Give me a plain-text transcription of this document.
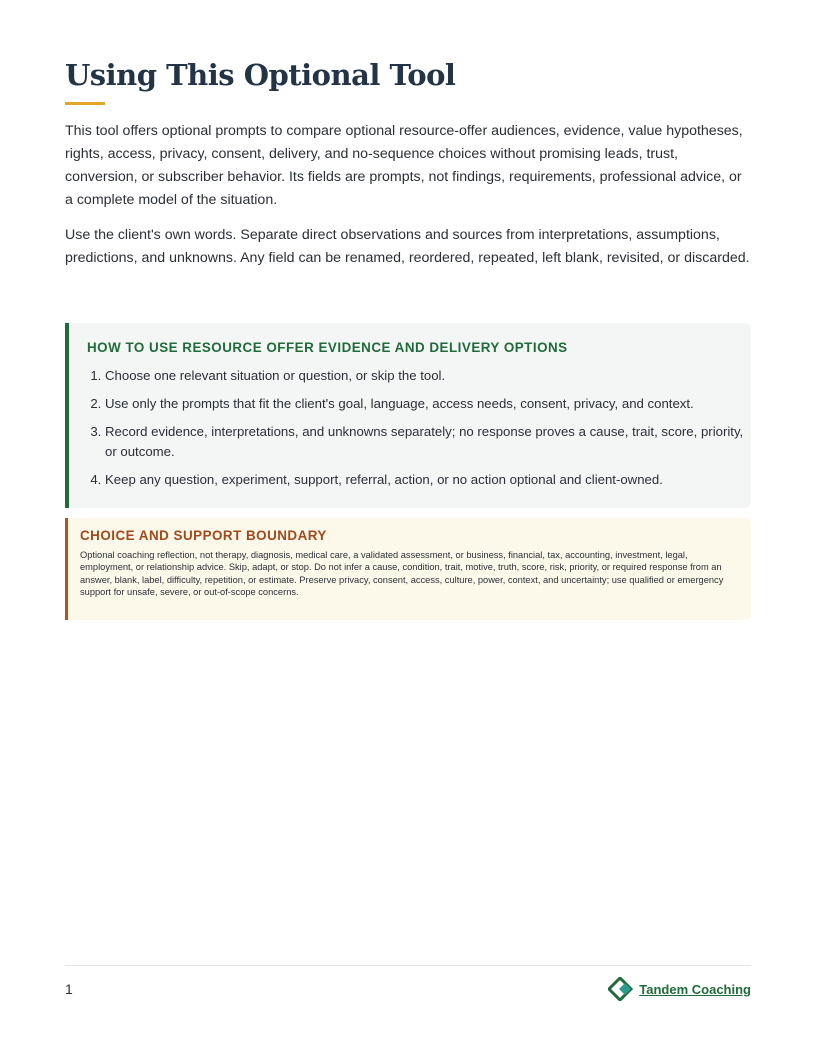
Using This Optional Tool

This tool offers optional prompts to compare optional resource-offer audiences, evidence, value hypotheses, rights, access, privacy, consent, delivery, and no-sequence choices without promising leads, trust, conversion, or subscriber behavior. Its fields are prompts, not findings, requirements, professional advice, or a complete model of the situation.

Use the client's own words. Separate direct observations and sources from interpretations, assumptions, predictions, and unknowns. Any field can be renamed, reordered, repeated, left blank, revisited, or discarded.

HOW TO USE RESOURCE OFFER EVIDENCE AND DELIVERY OPTIONS
1. Choose one relevant situation or question, or skip the tool.
2. Use only the prompts that fit the client's goal, language, access needs, consent, privacy, and context.
3. Record evidence, interpretations, and unknowns separately; no response proves a cause, trait, score, priority, or outcome.
4. Keep any question, experiment, support, referral, action, or no action optional and client-owned.
CHOICE AND SUPPORT BOUNDARY

Optional coaching reflection, not therapy, diagnosis, medical care, a validated assessment, or business, financial, tax, accounting, investment, legal, employment, or relationship advice. Skip, adapt, or stop. Do not infer a cause, condition, trait, motive, truth, score, risk, priority, or required response from an answer, blank, label, difficulty, repetition, or estimate. Preserve privacy, consent, access, culture, power, context, and uncertainty; use qualified or emergency support for unsafe, severe, or out-of-scope concerns.

1	Tandem Coaching
